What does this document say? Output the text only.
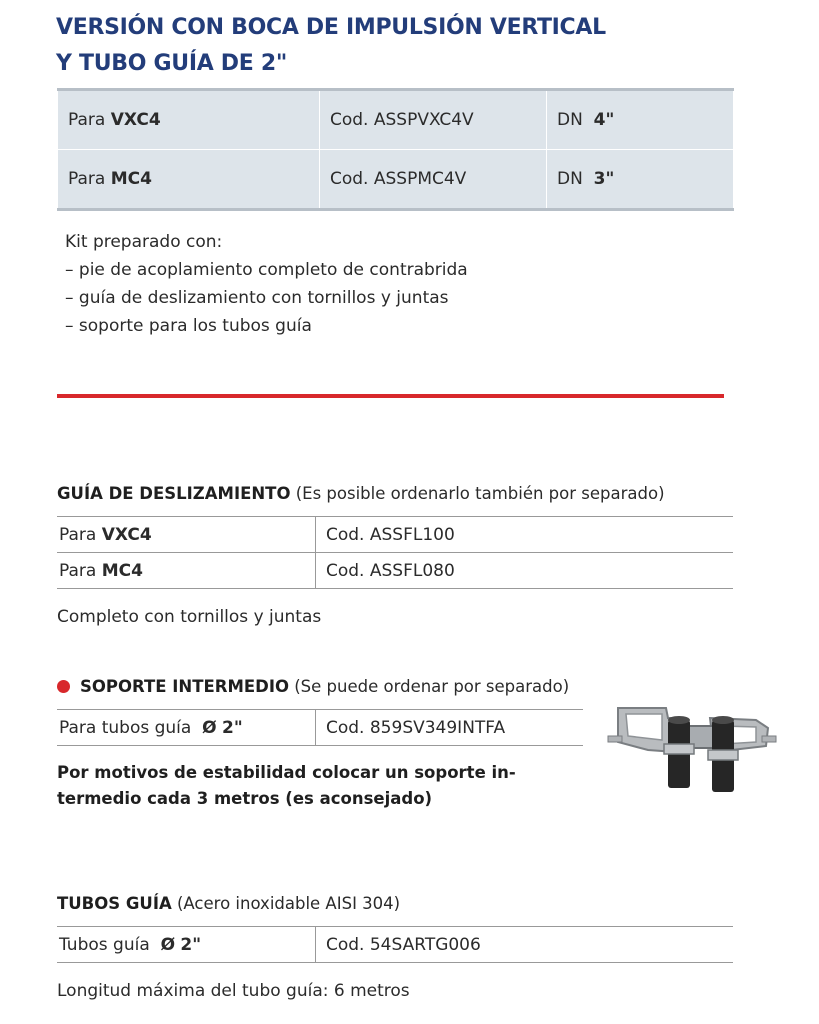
VERSIÓN CON BOCA DE IMPULSIÓN VERTICAL
Y TUBO GUÍA DE 2"
Para VXC4	Cod. ASSPVXC4V	DN 4"
Para MC4	Cod. ASSPMC4V	DN 3"
Kit preparado con:
– pie de acoplamiento completo de contrabrida
– guía de deslizamiento con tornillos y juntas
– soporte para los tubos guía
GUÍA DE DESLIZAMIENTO (Es posible ordenarlo también por separado)
Para VXC4	Cod. ASSFL100
Para MC4	Cod. ASSFL080
Completo con tornillos y juntas
SOPORTE INTERMEDIO (Se puede ordenar por separado)
Para tubos guía Ø 2"	Cod. 859SV349INTFA
Por motivos de estabilidad colocar un soporte in-
termedio cada 3 metros (es aconsejado)
TUBOS GUÍA (Acero inoxidable AISI 304)
Tubos guía Ø 2"	Cod. 54SARTG006
Longitud máxima del tubo guía: 6 metros
